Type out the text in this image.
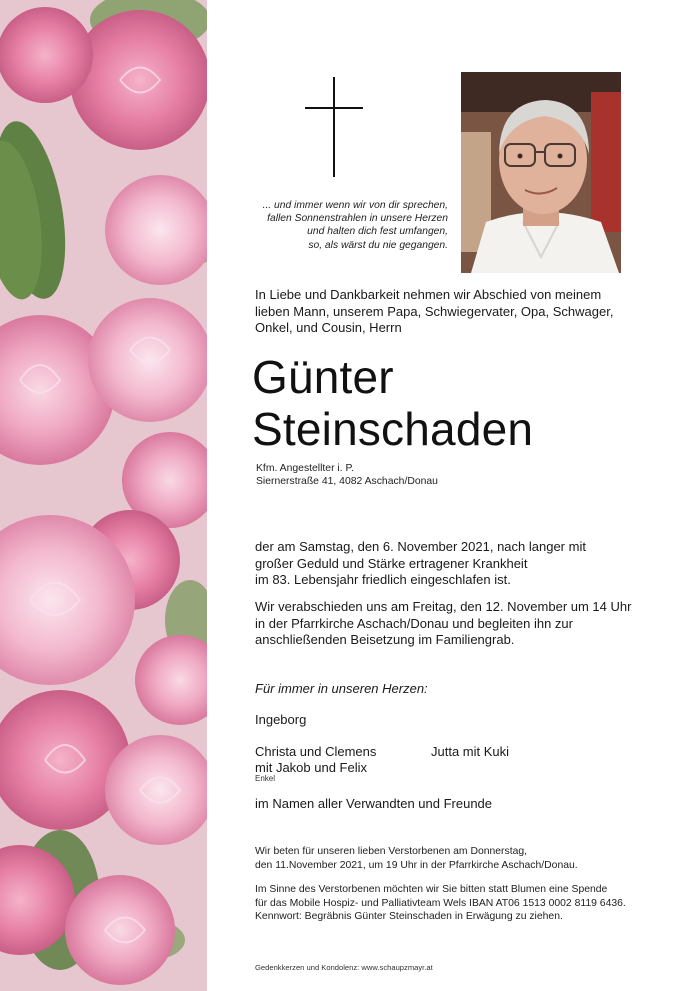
... und immer wenn wir von dir sprechen,
fallen Sonnenstrahlen in unsere Herzen
und halten dich fest umfangen,
so, als wärst du nie gegangen.
In Liebe und Dankbarkeit nehmen wir Abschied von meinem
lieben Mann, unserem Papa, Schwiegervater, Opa, Schwager,
Onkel, und Cousin, Herrn
Günter
Steinschaden
Kfm. Angestellter i. P.
Siernerstraße 41, 4082 Aschach/Donau
der am Samstag, den 6. November 2021, nach langer mit
großer Geduld und Stärke ertragener Krankheit
im 83. Lebensjahr friedlich eingeschlafen ist.
Wir verabschieden uns am Freitag, den 12. November um 14 Uhr
in der Pfarrkirche Aschach/Donau und begleiten ihn zur
anschließenden Beisetzung im Familiengrab.
Für immer in unseren Herzen:
Ingeborg
Christa und Clemens	Jutta mit Kuki
mit Jakob und Felix
Enkel
im Namen aller Verwandten und Freunde
Wir beten für unseren lieben Verstorbenen am Donnerstag,
den 11.November 2021, um 19 Uhr in der Pfarrkirche Aschach/Donau.
Im Sinne des Verstorbenen möchten wir Sie bitten statt Blumen eine Spende
für das Mobile Hospiz- und Palliativteam Wels IBAN AT06 1513 0002 8119 6436.
Kennwort: Begräbnis Günter Steinschaden in Erwägung zu ziehen.
Gedenkkerzen und Kondolenz: www.schaupzmayr.at
